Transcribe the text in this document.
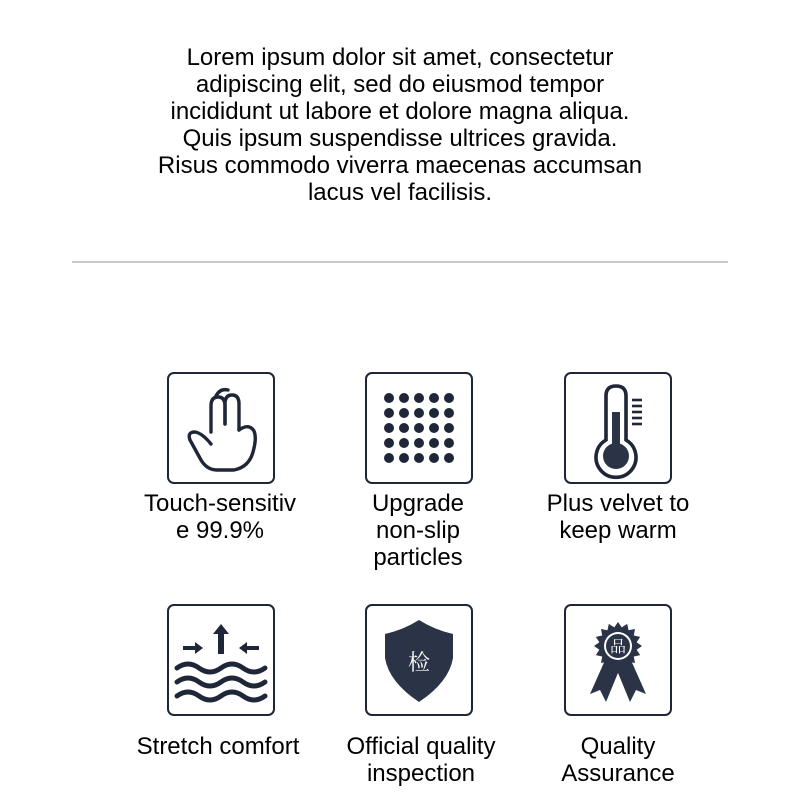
Lorem ipsum dolor sit amet, consectetur
adipiscing elit, sed do eiusmod tempor
incididunt ut labore et dolore magna aliqua.
Quis ipsum suspendisse ultrices gravida.
Risus commodo viverra maecenas accumsan
lacus vel facilisis.

Touch-sensitiv
e 99.9%

Upgrade
non-slip
particles

Plus velvet to
keep warm

Stretch comfort

检

Official quality
inspection

品

Quality
Assurance
